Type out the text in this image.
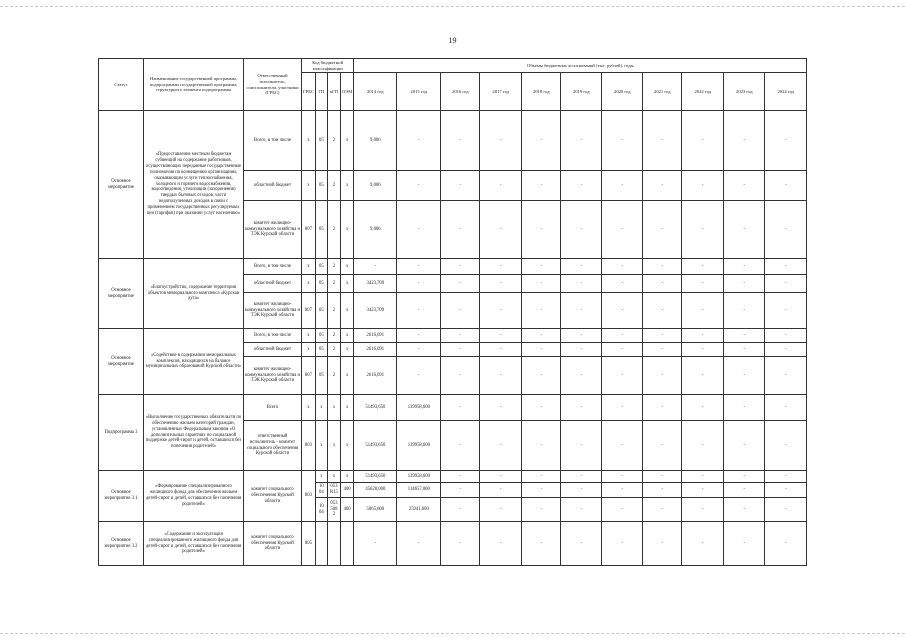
19
Статус	Наименование государственной программы, подпрограммы государственной программы, структурного элемента подпрограммы	Ответственный исполнитель, соисполнители, участники (ГРБС)	Код бюджетной классификации				Объемы бюджетных ассигнований (тыс. рублей), годы										
			ГРБС	ГП	пГП	ОЭМ	2014 год	2015 год	2016 год	2017 год	2018 год	2019 год	2020 год	2021 год	2022 год	2023 год	2024 год
Основное мероприятие	«Предоставление местным бюджетам субвенций на содержание работников, осуществляющих переданные государственные полномочия по возмещению организациям, оказывающим услуги теплоснабжения, холодного и горячего водоснабжения, водоотведения, утилизации (захоронения) твердых бытовых отходов, части недополученных доходов в связи с применением государственных регулируемых цен (тарифов) при оказании услуг населению»	Всего, в том числе	х	05	2	х	9,006	-	-	-	-	-	-	-	-	-	-
		областной бюджет	х	05	2	х	9,006	-	-	-	-	-	-	-	-	-	-
		комитет жилищно-коммунального хозяйства и ТЭК Курской области	807	05	2	х	9,006	-	-	-	-	-	-	-	-	-	-
Основное мероприятие	«Благоустройство, содержание территории объектов мемориального комплекса «Курская дуга»	Всего, в том числе	х	05	2	х	-	-	-	-	-	-	-	-	-	-	-
		областной бюджет	х	05	2	х	3423,709	-	-	-	-	-	-	-	-	-	-
		комитет жилищно-коммунального хозяйства и ТЭК Курской области	807	05	2	х	3423,709	-	-	-	-	-	-	-	-	-	-
Основное мероприятие	«Содействие в содержании мемориальных комплексов, находящихся на балансе муниципальных образований Курской области»	Всего, в том числе	х	05	2	х	2616,691	-	-	-	-	-	-	-	-	-	-
		областной бюджет	х	05	2	х	2616,691	-	-	-	-	-	-	-	-	-	-
		комитет жилищно-коммунального хозяйства и ТЭК Курской области	807	05	2	х	2616,691	-	-	-	-	-	-	-	-	-	-
Подпрограмма 3	«Выполнение государственных обязательств по обеспечению жильем категорий граждан, установленных Федеральным законом «О дополнительных гарантиях по социальной поддержке детей-сирот и детей, оставшихся без попечения родителей»	Всего	х	х	х	х	51493,650	139958,600	-	-	-	-	-	-	-	-	-
		ответственный исполнитель - комитет социального обеспечения Курской области	803	х	х	х	51493,650	139958,600	-	-	-	-	-	-	-	-	-
Основное мероприятие 3.1	«Формирование специализированного жилищного фонда для обеспечения жильем детей-сирот и детей, оставшихся без попечения родителей»	комитет социального обеспечения Курской области	803	х	х	х	51493,650	139958,600	-	-	-	-	-	-	-	-	-
				10 04	053 R15	400	45628,000	114657,000	-	-	-	-	-	-	-	-	-
				10 04	053 508 2	400	5865,600	25941,600	-	-	-	-	-	-	-	-	-
Основное мероприятие 3.2	«Содержание и эксплуатация специализированного жилищного фонда для детей-сирот и детей, оставшихся без попечения родителей»	комитет социального обеспечения Курской области	805				-	-	-	-	-	-	-	-	-	-	-
